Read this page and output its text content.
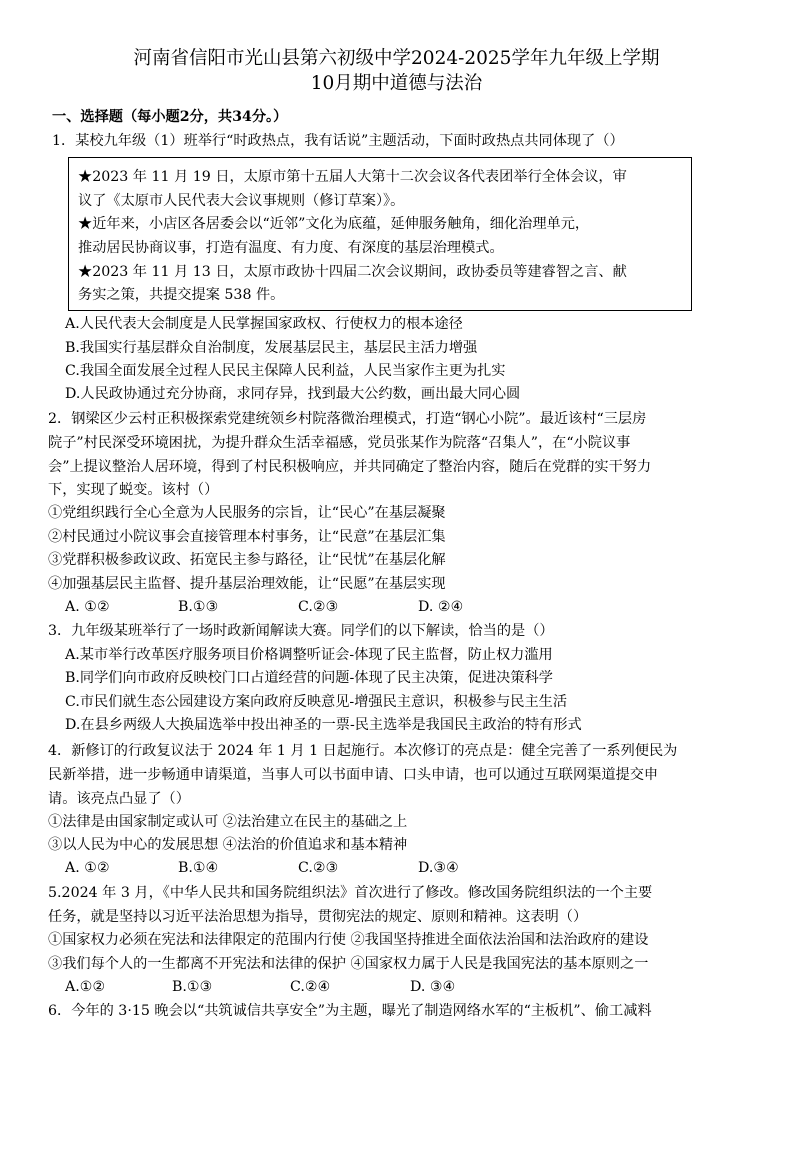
河南省信阳市光山县第六初级中学2024-2025学年九年级上学期
10月期中道德与法治
一、选择题（每小题2分，共34分。）
1．某校九年级（1）班举行“时政热点，我有话说”主题活动，下面时政热点共同体现了（）
★2023 年 11 月 19 日，太原市第十五届人大第十二次会议各代表团举行全体会议，审
议了《太原市人民代表大会议事规则（修订草案）》。
★近年来，小店区各居委会以“近邻”文化为底蕴，延伸服务触角，细化治理单元，
推动居民协商议事，打造有温度、有力度、有深度的基层治理模式。
★2023 年 11 月 13 日，太原市政协十四届二次会议期间，政协委员等建睿智之言、献
务实之策，共提交提案 538 件。
A.人民代表大会制度是人民掌握国家政权、行使权力的根本途径
B.我国实行基层群众自治制度，发展基层民主，基层民主活力增强
C.我国全面发展全过程人民民主保障人民利益，人民当家作主更为扎实
D.人民政协通过充分协商，求同存异，找到最大公约数，画出最大同心圆
2．钢梁区少云村正积极探索党建统领乡村院落微治理模式，打造“钢心小院”。最近该村“三层房
院子”村民深受环境困扰，为提升群众生活幸福感，党员张某作为院落“召集人”，在“小院议事
会”上提议整治人居环境，得到了村民积极响应，并共同确定了整治内容，随后在党群的实干努力
下，实现了蜕变。该村（）
①党组织践行全心全意为人民服务的宗旨，让“民心”在基层凝聚
②村民通过小院议事会直接管理本村事务，让“民意”在基层汇集
③党群积极参政议政、拓宽民主参与路径，让“民忧”在基层化解
④加强基层民主监督、提升基层治理效能，让“民愿”在基层实现
A. ①②	B.①③	C.②③	D. ②④
3．九年级某班举行了一场时政新闻解读大赛。同学们的以下解读，恰当的是（）
A.某市举行改革医疗服务项目价格调整听证会-体现了民主监督，防止权力滥用
B.同学们向市政府反映校门口占道经营的问题-体现了民主决策，促进决策科学
C.市民们就生态公园建设方案向政府反映意见-增强民主意识，积极参与民主生活
D.在县乡两级人大换届选举中投出神圣的一票-民主选举是我国民主政治的特有形式
4．新修订的行政复议法于 2024 年 1 月 1 日起施行。本次修订的亮点是：健全完善了一系列便民为
民新举措，进一步畅通申请渠道，当事人可以书面申请、口头申请，也可以通过互联网渠道提交申
请。该亮点凸显了（）
①法律是由国家制定或认可 ②法治建立在民主的基础之上
③以人民为中心的发展思想 ④法治的价值追求和基本精神
A. ①②	B.①④	C.②③	D.③④
5.2024 年 3 月，《中华人民共和国务院组织法》首次进行了修改。修改国务院组织法的一个主要
任务，就是坚持以习近平法治思想为指导，贯彻宪法的规定、原则和精神。这表明（）
①国家权力必须在宪法和法律限定的范围内行使 ②我国坚持推进全面依法治国和法治政府的建设
③我们每个人的一生都离不开宪法和法律的保护 ④国家权力属于人民是我国宪法的基本原则之一
A.①②	B.①③	C.②④	D. ③④
6．今年的 3·15 晚会以“共筑诚信共享安全”为主题，曝光了制造网络水军的“主板机”、偷工减料
